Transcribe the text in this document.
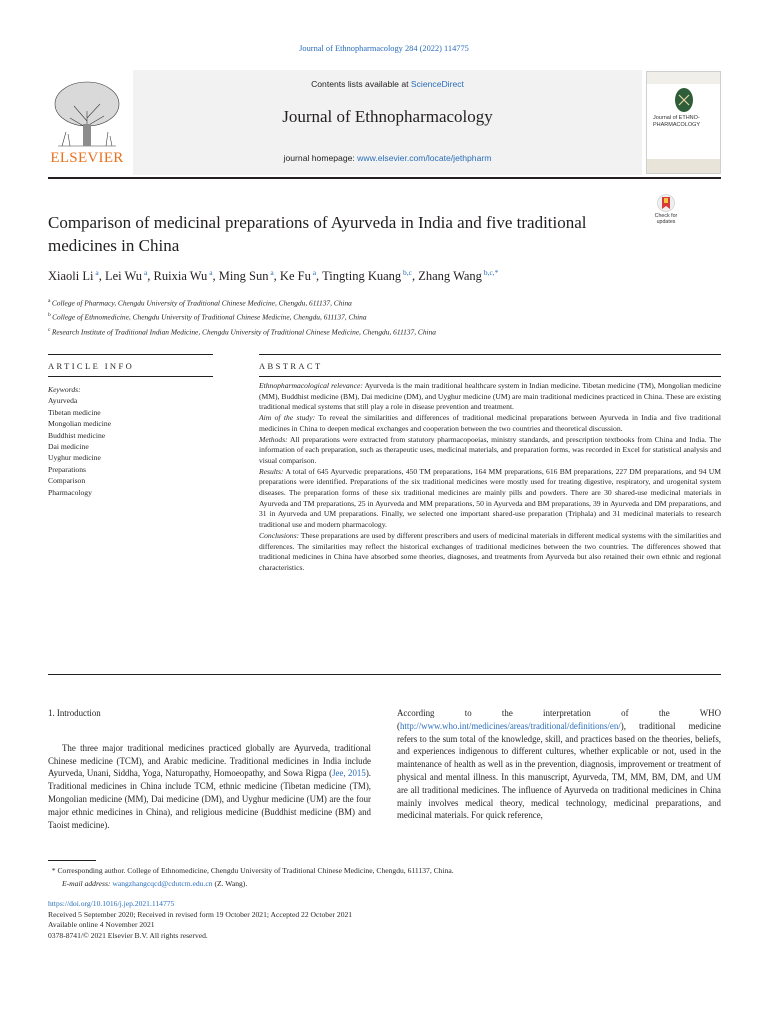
Journal of Ethnopharmacology 284 (2022) 114775
Contents lists available at ScienceDirect
Journal of Ethnopharmacology
journal homepage: www.elsevier.com/locate/jethpharm
ELSEVIER
Journal of ETHNO-PHARMACOLOGY
Check for updates
Comparison of medicinal preparations of Ayurveda in India and five traditional medicines in China
Xiaoli Li $^a$, Lei Wu $^a$, Ruixia Wu $^a$, Ming Sun $^a$, Ke Fu $^a$, Tingting Kuang $^{b,c}$, Zhang Wang $^{b,c,*}$
$^a$ College of Pharmacy, Chengdu University of Traditional Chinese Medicine, Chengdu, 611137, China
$^b$ College of Ethnomedicine, Chengdu University of Traditional Chinese Medicine, Chengdu, 611137, China
$^c$ Research Institute of Traditional Indian Medicine, Chengdu University of Traditional Chinese Medicine, Chengdu, 611137, China
ARTICLE INFO	ABSTRACT
Keywords:
Ayurveda
Tibetan medicine
Mongolian medicine
Buddhist medicine
Dai medicine
Uyghur medicine
Preparations
Comparison
Pharmacology

Ethnopharmacological relevance: Ayurveda is the main traditional healthcare system in Indian medicine. Tibetan medicine (TM), Mongolian medicine (MM), Buddhist medicine (BM), Dai medicine (DM), and Uyghur medicine (UM) are main traditional medicines practiced in China. These are existing traditional medical systems that still play a role in disease prevention and treatment.

Aim of the study: To reveal the similarities and differences of traditional medicinal preparations between Ayurveda in India and five traditional medicines in China to deepen medical exchanges and cooperation between the two countries and theoretical discussion.

Methods: All preparations were extracted from statutory pharmacopoeias, ministry standards, and prescription textbooks from China and India. The information of each preparation, such as therapeutic uses, medicinal materials, and preparation forms, was recorded in Excel for statistical analysis and visual comparison.

Results: A total of 645 Ayurvedic preparations, 450 TM preparations, 164 MM preparations, 616 BM preparations, 227 DM preparations, and 94 UM preparations were identified. Preparations of the six traditional medicines were mostly used for treating digestive, respiratory, and urogenital system diseases. The preparation forms of these six traditional medicines are mainly pills and powders. There are 30 shared-use medicinal materials in Ayurveda and TM preparations, 25 in Ayurveda and MM preparations, 50 in Ayurveda and BM preparations, 39 in Ayurveda and DM preparations, and 31 in Ayurveda and UM preparations. Finally, we selected one important shared-use preparation (Triphala) and 31 medicinal materials to research traditional use and modern pharmacology.

Conclusions: These preparations are used by different prescribers and users of medicinal materials in different medical systems with the similarities and differences. The similarities may reflect the historical exchanges of traditional medicines between the two countries. The differences showed that traditional medicines in China have absorbed some theories, diagnoses, and treatments from Ayurveda but also retained their own ethnic and regional characteristics.

1. Introduction

The three major traditional medicines practiced globally are Ayurveda, traditional Chinese medicine (TCM), and Arabic medicine. Traditional medicines in India include Ayurveda, Unani, Siddha, Yoga, Naturopathy, Homoeopathy, and Sowa Rigpa (Jee, 2015). Traditional medicines in China include TCM, ethnic medicine (Tibetan medicine (TM), Mongolian medicine (MM), Dai medicine (DM), and Uyghur medicine (UM) are the four major ethnic medicines in China), and religious medicine (Buddhist medicine (BM) and Taoist medicine).

According to the interpretation of the WHO (http://www.who.int/medicines/areas/traditional/definitions/en/), traditional medicine refers to the sum total of the knowledge, skill, and practices based on the theories, beliefs, and experiences indigenous to different cultures, whether explicable or not, used in the maintenance of health as well as in the prevention, diagnosis, improvement or treatment of physical and mental illness. In this manuscript, Ayurveda, TM, MM, BM, DM, and UM are all traditional medicines. The influence of Ayurveda on traditional medicines in China mainly involves medical theory, medical technology, medicinal preparations, and medicinal materials. For quick reference,

* Corresponding author. College of Ethnomedicine, Chengdu University of Traditional Chinese Medicine, Chengdu, 611137, China.
E-mail address: wangzhangcqcd@cdutcm.edu.cn (Z. Wang).
https://doi.org/10.1016/j.jep.2021.114775
Received 5 September 2020; Received in revised form 19 October 2021; Accepted 22 October 2021
Available online 4 November 2021
0378-8741/© 2021 Elsevier B.V. All rights reserved.
